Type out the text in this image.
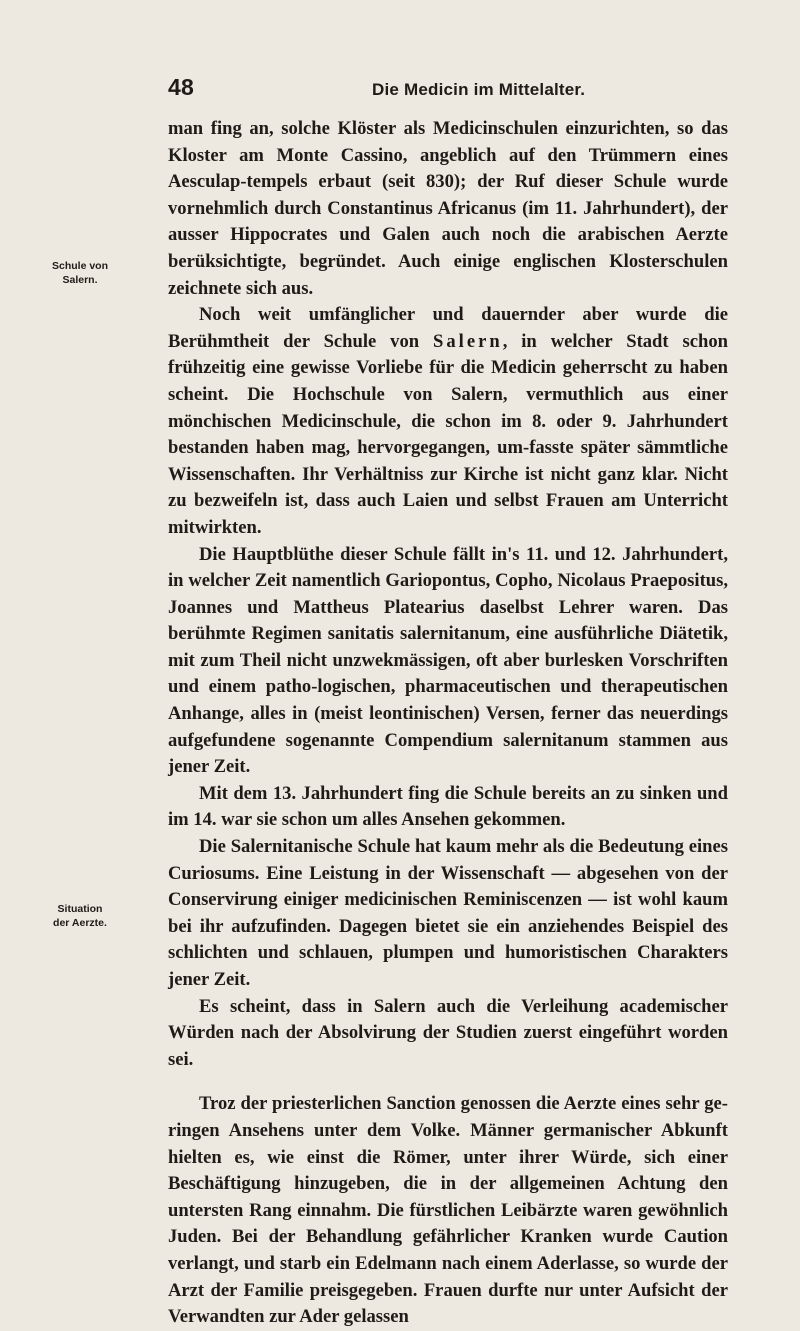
48	Die Medicin im Mittelalter.
Schule von
Salern.
Situation
der Aerzte.

man fing an, solche Klöster als Medicinschulen einzurichten, so das Kloster am Monte Cassino, angeblich auf den Trümmern eines Aesculap-tempels erbaut (seit 830); der Ruf dieser Schule wurde vornehmlich durch Constantinus Africanus (im 11. Jahrhundert), der ausser Hippocrates und Galen auch noch die arabischen Aerzte berüksichtigte, begründet. Auch einige englischen Klosterschulen zeichnete sich aus.

Noch weit umfänglicher und dauernder aber wurde die Berühmtheit der Schule von Salern, in welcher Stadt schon frühzeitig eine gewisse Vorliebe für die Medicin geherrscht zu haben scheint. Die Hochschule von Salern, vermuthlich aus einer mönchischen Medicinschule, die schon im 8. oder 9. Jahrhundert bestanden haben mag, hervorgegangen, um-fasste später sämmtliche Wissenschaften. Ihr Verhältniss zur Kirche ist nicht ganz klar. Nicht zu bezweifeln ist, dass auch Laien und selbst Frauen am Unterricht mitwirkten.

Die Hauptblüthe dieser Schule fällt in's 11. und 12. Jahrhundert, in welcher Zeit namentlich Gariopontus, Copho, Nicolaus Praepositus, Joannes und Mattheus Platearius daselbst Lehrer waren. Das berühmte Regimen sanitatis salernitanum, eine ausführliche Diätetik, mit zum Theil nicht unzwekmässigen, oft aber burlesken Vorschriften und einem patho-logischen, pharmaceutischen und therapeutischen Anhange, alles in (meist leontinischen) Versen, ferner das neuerdings aufgefundene sogenannte Compendium salernitanum stammen aus jener Zeit.

Mit dem 13. Jahrhundert fing die Schule bereits an zu sinken und im 14. war sie schon um alles Ansehen gekommen.

Die Salernitanische Schule hat kaum mehr als die Bedeutung eines Curiosums. Eine Leistung in der Wissenschaft — abgesehen von der Conservirung einiger medicinischen Reminiscenzen — ist wohl kaum bei ihr aufzufinden. Dagegen bietet sie ein anziehendes Beispiel des schlichten und schlauen, plumpen und humoristischen Charakters jener Zeit.

Es scheint, dass in Salern auch die Verleihung academischer Würden nach der Absolvirung der Studien zuerst eingeführt worden sei.

Troz der priesterlichen Sanction genossen die Aerzte eines sehr ge-ringen Ansehens unter dem Volke. Männer germanischer Abkunft hielten es, wie einst die Römer, unter ihrer Würde, sich einer Beschäftigung hinzugeben, die in der allgemeinen Achtung den untersten Rang einnahm. Die fürstlichen Leibärzte waren gewöhnlich Juden. Bei der Behandlung gefährlicher Kranken wurde Caution verlangt, und starb ein Edelmann nach einem Aderlasse, so wurde der Arzt der Familie preisgegeben. Frauen durfte nur unter Aufsicht der Verwandten zur Ader gelassen
